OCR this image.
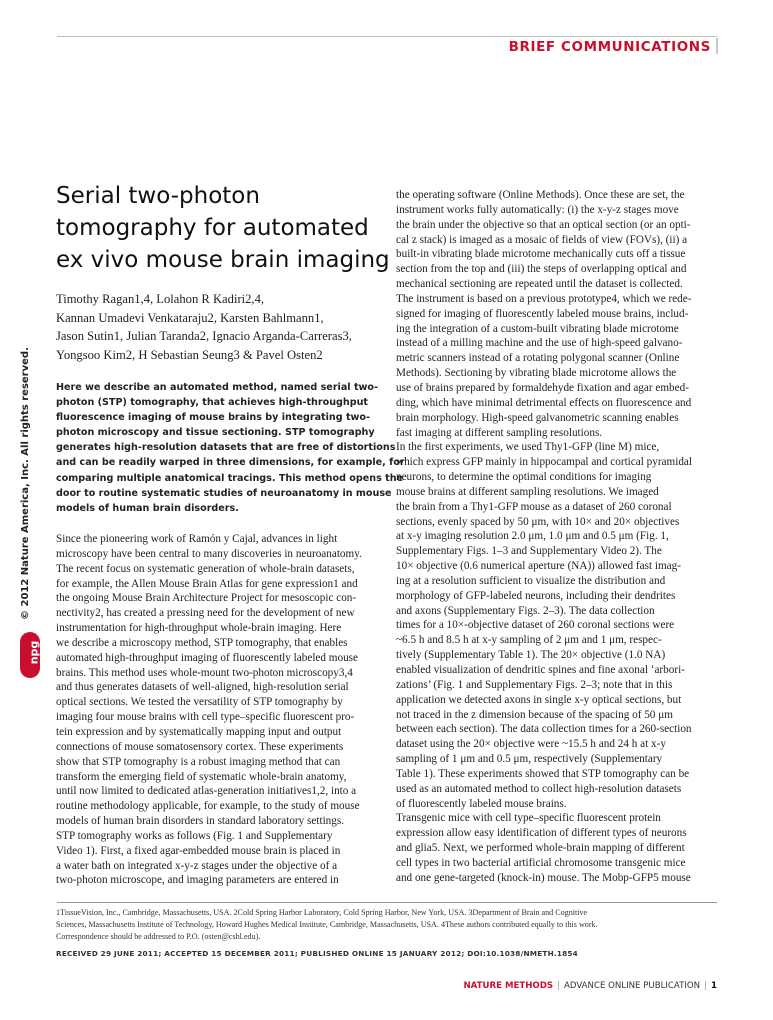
BRIEF COMMUNICATIONS
© 2012 Nature America, Inc. All rights reserved.
npg
Serial two-photon
tomography for automated
ex vivo mouse brain imaging
Timothy Ragan1,4, Lolahon R Kadiri2,4,
Kannan Umadevi Venkataraju2, Karsten Bahlmann1,
Jason Sutin1, Julian Taranda2, Ignacio Arganda-Carreras3,
Yongsoo Kim2, H Sebastian Seung3 & Pavel Osten2
Here we describe an automated method, named serial two-
photon (STP) tomography, that achieves high-throughput
fluorescence imaging of mouse brains by integrating two-
photon microscopy and tissue sectioning. STP tomography
generates high-resolution datasets that are free of distortions
and can be readily warped in three dimensions, for example, for
comparing multiple anatomical tracings. This method opens the
door to routine systematic studies of neuroanatomy in mouse
models of human brain disorders.
Since the pioneering work of Ramón y Cajal, advances in light
microscopy have been central to many discoveries in neuroanatomy.
The recent focus on systematic generation of whole-brain datasets,
for example, the Allen Mouse Brain Atlas for gene expression1 and
the ongoing Mouse Brain Architecture Project for mesoscopic con-
nectivity2, has created a pressing need for the development of new
instrumentation for high-throughput whole-brain imaging. Here
we describe a microscopy method, STP tomography, that enables
automated high-throughput imaging of fluorescently labeled mouse
brains. This method uses whole-mount two-photon microscopy3,4
and thus generates datasets of well-aligned, high-resolution serial
optical sections. We tested the versatility of STP tomography by
imaging four mouse brains with cell type–specific fluorescent pro-
tein expression and by systematically mapping input and output
connections of mouse somatosensory cortex. These experiments
show that STP tomography is a robust imaging method that can
transform the emerging field of systematic whole-brain anatomy,
until now limited to dedicated atlas-generation initiatives1,2, into a
routine methodology applicable, for example, to the study of mouse
models of human brain disorders in standard laboratory settings.
STP tomography works as follows (Fig. 1 and Supplementary
Video 1). First, a fixed agar-embedded mouse brain is placed in
a water bath on integrated x-y-z stages under the objective of a
two-photon microscope, and imaging parameters are entered in
the operating software (Online Methods). Once these are set, the
instrument works fully automatically: (i) the x-y-z stages move
the brain under the objective so that an optical section (or an opti-
cal z stack) is imaged as a mosaic of fields of view (FOVs), (ii) a
built-in vibrating blade microtome mechanically cuts off a tissue
section from the top and (iii) the steps of overlapping optical and
mechanical sectioning are repeated until the dataset is collected.
The instrument is based on a previous prototype4, which we rede-
signed for imaging of fluorescently labeled mouse brains, includ-
ing the integration of a custom-built vibrating blade microtome
instead of a milling machine and the use of high-speed galvano-
metric scanners instead of a rotating polygonal scanner (Online
Methods). Sectioning by vibrating blade microtome allows the
use of brains prepared by formaldehyde fixation and agar embed-
ding, which have minimal detrimental effects on fluorescence and
brain morphology. High-speed galvanometric scanning enables
fast imaging at different sampling resolutions.
In the first experiments, we used Thy1-GFP (line M) mice,
which express GFP mainly in hippocampal and cortical pyramidal
neurons, to determine the optimal conditions for imaging
mouse brains at different sampling resolutions. We imaged
the brain from a Thy1-GFP mouse as a dataset of 260 coronal
sections, evenly spaced by 50 μm, with 10× and 20× objectives
at x-y imaging resolution 2.0 μm, 1.0 μm and 0.5 μm (Fig. 1,
Supplementary Figs. 1–3 and Supplementary Video 2). The
10× objective (0.6 numerical aperture (NA)) allowed fast imag-
ing at a resolution sufficient to visualize the distribution and
morphology of GFP-labeled neurons, including their dendrites
and axons (Supplementary Figs. 2–3). The data collection
times for a 10×-objective dataset of 260 coronal sections were
~6.5 h and 8.5 h at x-y sampling of 2 μm and 1 μm, respec-
tively (Supplementary Table 1). The 20× objective (1.0 NA)
enabled visualization of dendritic spines and fine axonal ‘arbori-
zations’ (Fig. 1 and Supplementary Figs. 2–3; note that in this
application we detected axons in single x-y optical sections, but
not traced in the z dimension because of the spacing of 50 μm
between each section). The data collection times for a 260-section
dataset using the 20× objective were ~15.5 h and 24 h at x-y
sampling of 1 μm and 0.5 μm, respectively (Supplementary
Table 1). These experiments showed that STP tomography can be
used as an automated method to collect high-resolution datasets
of fluorescently labeled mouse brains.
Transgenic mice with cell type–specific fluorescent protein
expression allow easy identification of different types of neurons
and glia5. Next, we performed whole-brain mapping of different
cell types in two bacterial artificial chromosome transgenic mice
and one gene-targeted (knock-in) mouse. The Mobp-GFP5 mouse
1TissueVision, Inc., Cambridge, Massachusetts, USA. 2Cold Spring Harbor Laboratory, Cold Spring Harbor, New York, USA. 3Department of Brain and Cognitive
Sciences, Massachusetts Institute of Technology, Howard Hughes Medical Institute, Cambridge, Massachusetts, USA. 4These authors contributed equally to this work.
Correspondence should be addressed to P.O. (osten@cshl.edu).
RECEIVED 29 JUNE 2011; ACCEPTED 15 DECEMBER 2011; PUBLISHED ONLINE 15 JANUARY 2012; DOI:10.1038/NMETH.1854
NATURE METHODS | ADVANCE ONLINE PUBLICATION | 1
